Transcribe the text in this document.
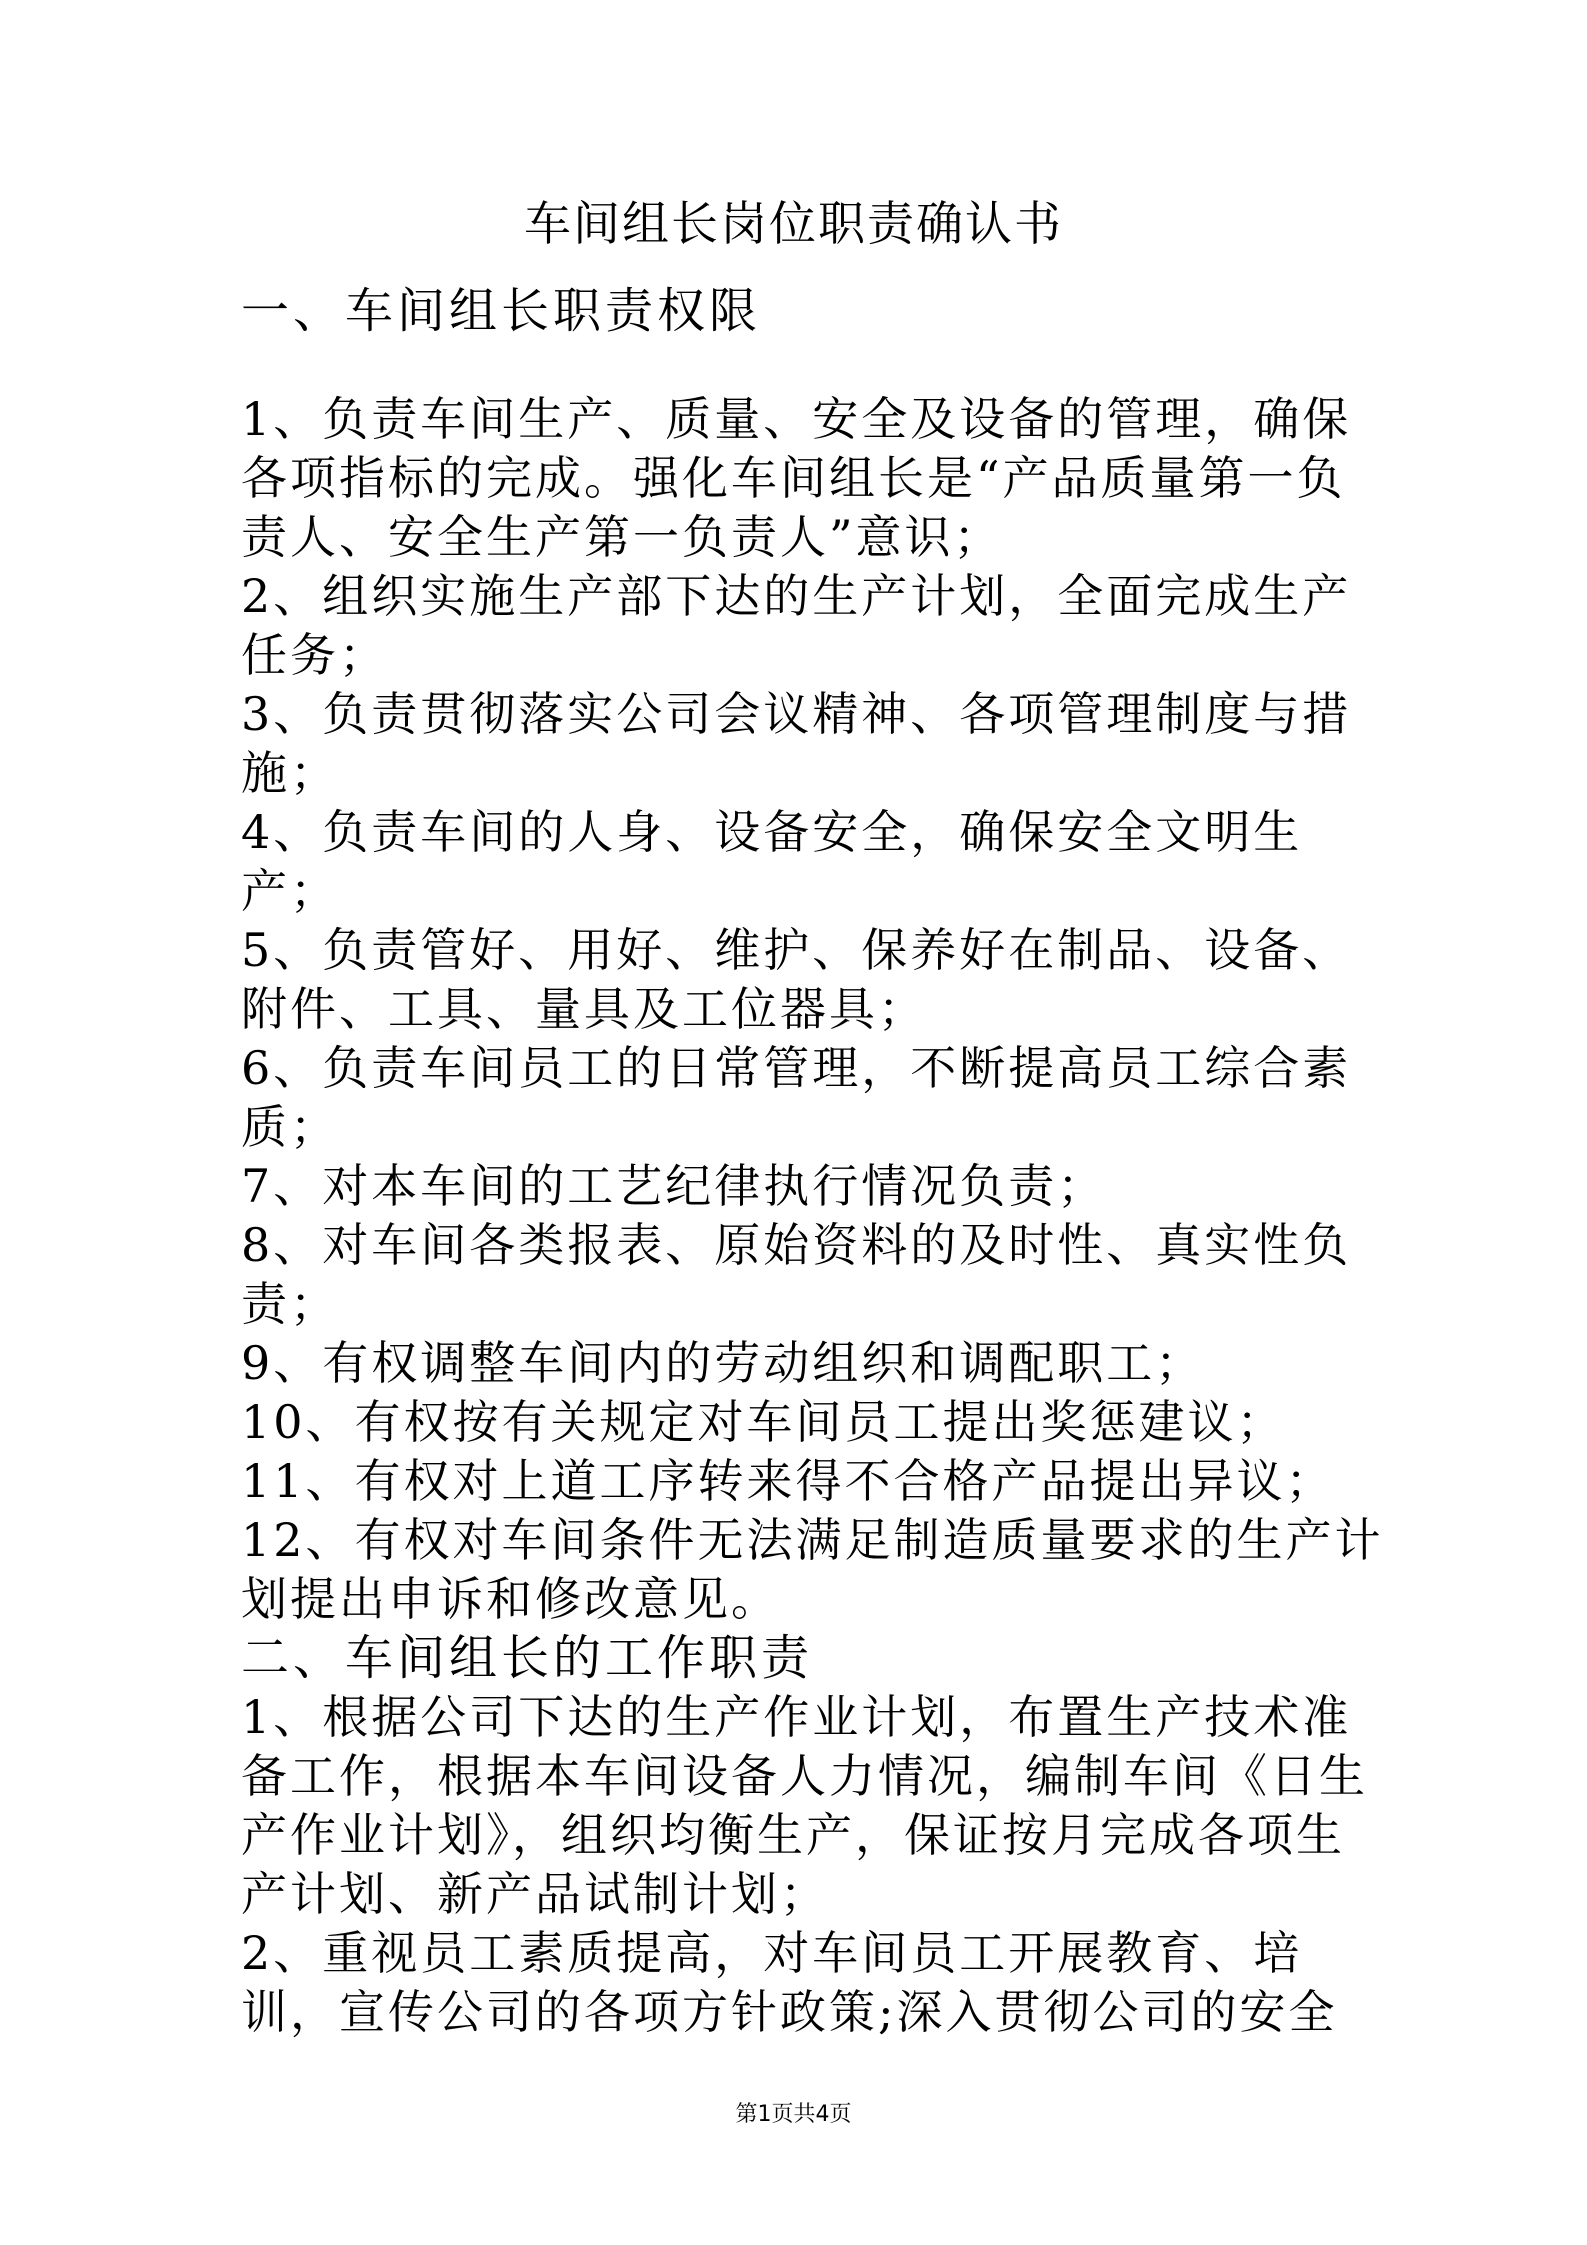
车间组长岗位职责确认书

一、车间组长职责权限

1、负责车间生产、质量、安全及设备的管理，确保
各项指标的完成。强化车间组长是“产品质量第一负
责人、安全生产第一负责人”意识；

2、组织实施生产部下达的生产计划，全面完成生产
任务；

3、负责贯彻落实公司会议精神、各项管理制度与措
施；

4、负责车间的人身、设备安全，确保安全文明生
产；

5、负责管好、用好、维护、保养好在制品、设备、
附件、工具、量具及工位器具；

6、负责车间员工的日常管理，不断提高员工综合素
质；

7、对本车间的工艺纪律执行情况负责；

8、对车间各类报表、原始资料的及时性、真实性负
责；

9、有权调整车间内的劳动组织和调配职工；

10、有权按有关规定对车间员工提出奖惩建议；

11、有权对上道工序转来得不合格产品提出异议；

12、有权对车间条件无法满足制造质量要求的生产计
划提出申诉和修改意见。

二、车间组长的工作职责

1、根据公司下达的生产作业计划，布置生产技术准
备工作，根据本车间设备人力情况，编制车间《日生
产作业计划》，组织均衡生产，保证按月完成各项生
产计划、新产品试制计划；

2、重视员工素质提高，对车间员工开展教育、培
训，宣传公司的各项方针政策;深入贯彻公司的安全

第1页共4页
